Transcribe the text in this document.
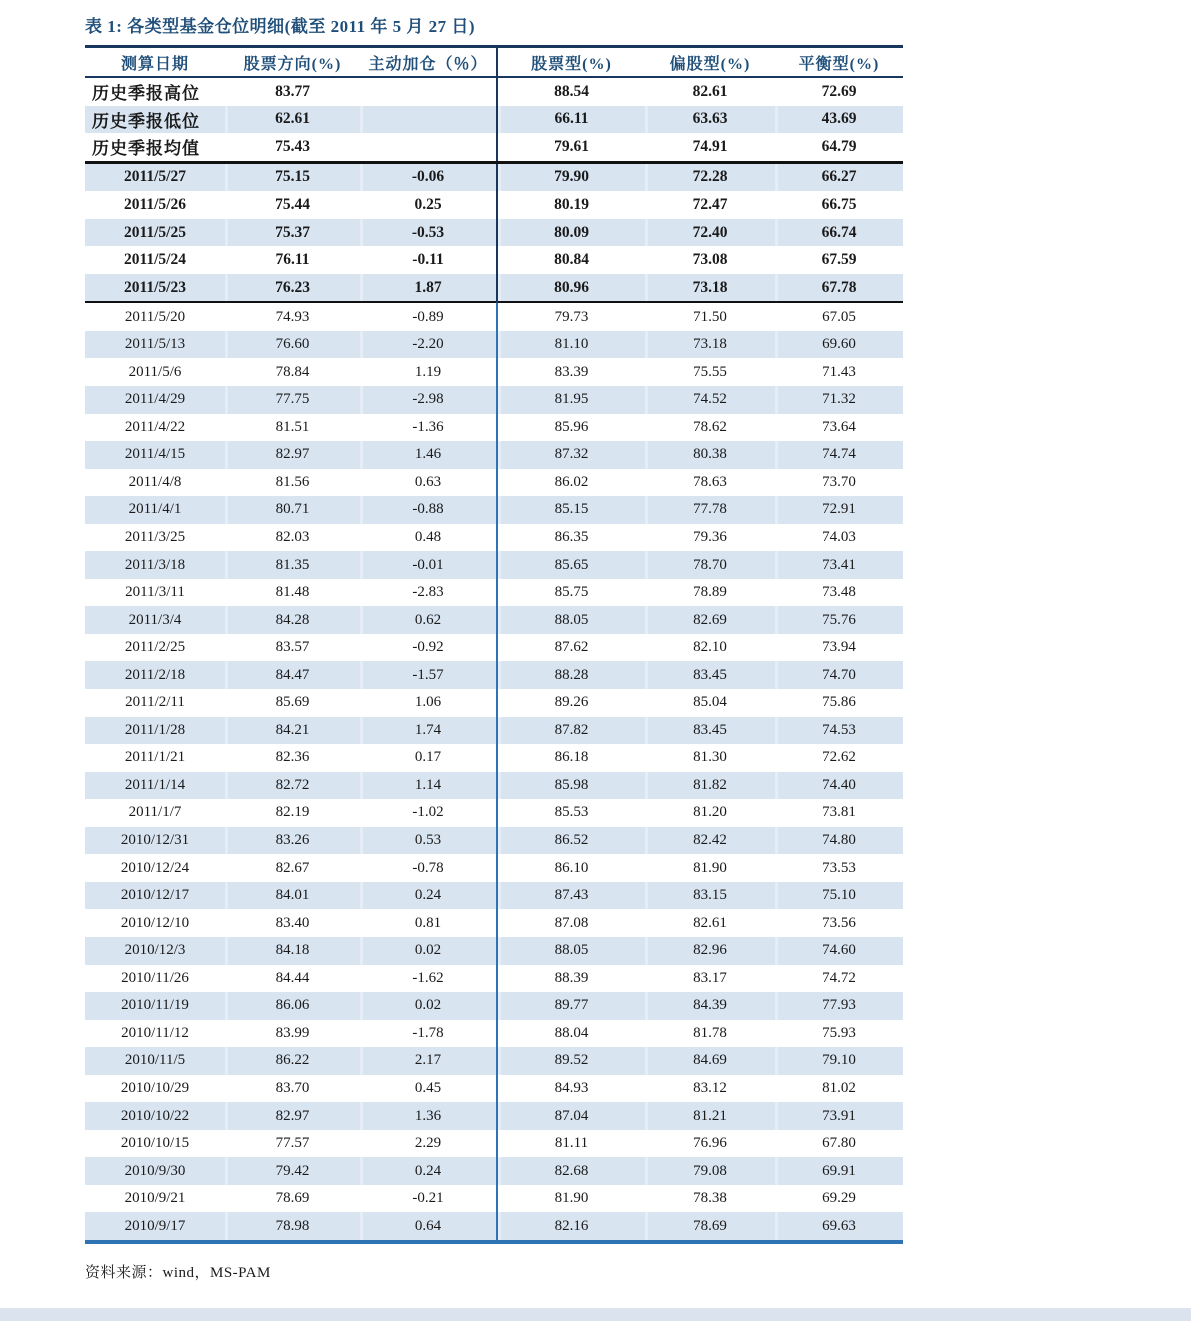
表 1: 各类型基金仓位明细(截至 2011 年 5 月 27 日)
测算日期	股票方向(%)	主动加仓（％）	股票型(%)	偏股型(%)	平衡型(%)
历史季报高位	83.77		88.54	82.61	72.69
历史季报低位	62.61		66.11	63.63	43.69
历史季报均值	75.43		79.61	74.91	64.79
2011/5/27	75.15	-0.06	79.90	72.28	66.27
2011/5/26	75.44	0.25	80.19	72.47	66.75
2011/5/25	75.37	-0.53	80.09	72.40	66.74
2011/5/24	76.11	-0.11	80.84	73.08	67.59
2011/5/23	76.23	1.87	80.96	73.18	67.78
2011/5/20	74.93	-0.89	79.73	71.50	67.05
2011/5/13	76.60	-2.20	81.10	73.18	69.60
2011/5/6	78.84	1.19	83.39	75.55	71.43
2011/4/29	77.75	-2.98	81.95	74.52	71.32
2011/4/22	81.51	-1.36	85.96	78.62	73.64
2011/4/15	82.97	1.46	87.32	80.38	74.74
2011/4/8	81.56	0.63	86.02	78.63	73.70
2011/4/1	80.71	-0.88	85.15	77.78	72.91
2011/3/25	82.03	0.48	86.35	79.36	74.03
2011/3/18	81.35	-0.01	85.65	78.70	73.41
2011/3/11	81.48	-2.83	85.75	78.89	73.48
2011/3/4	84.28	0.62	88.05	82.69	75.76
2011/2/25	83.57	-0.92	87.62	82.10	73.94
2011/2/18	84.47	-1.57	88.28	83.45	74.70
2011/2/11	85.69	1.06	89.26	85.04	75.86
2011/1/28	84.21	1.74	87.82	83.45	74.53
2011/1/21	82.36	0.17	86.18	81.30	72.62
2011/1/14	82.72	1.14	85.98	81.82	74.40
2011/1/7	82.19	-1.02	85.53	81.20	73.81
2010/12/31	83.26	0.53	86.52	82.42	74.80
2010/12/24	82.67	-0.78	86.10	81.90	73.53
2010/12/17	84.01	0.24	87.43	83.15	75.10
2010/12/10	83.40	0.81	87.08	82.61	73.56
2010/12/3	84.18	0.02	88.05	82.96	74.60
2010/11/26	84.44	-1.62	88.39	83.17	74.72
2010/11/19	86.06	0.02	89.77	84.39	77.93
2010/11/12	83.99	-1.78	88.04	81.78	75.93
2010/11/5	86.22	2.17	89.52	84.69	79.10
2010/10/29	83.70	0.45	84.93	83.12	81.02
2010/10/22	82.97	1.36	87.04	81.21	73.91
2010/10/15	77.57	2.29	81.11	76.96	67.80
2010/9/30	79.42	0.24	82.68	79.08	69.91
2010/9/21	78.69	-0.21	81.90	78.38	69.29
2010/9/17	78.98	0.64	82.16	78.69	69.63
资料来源：wind，MS-PAM
